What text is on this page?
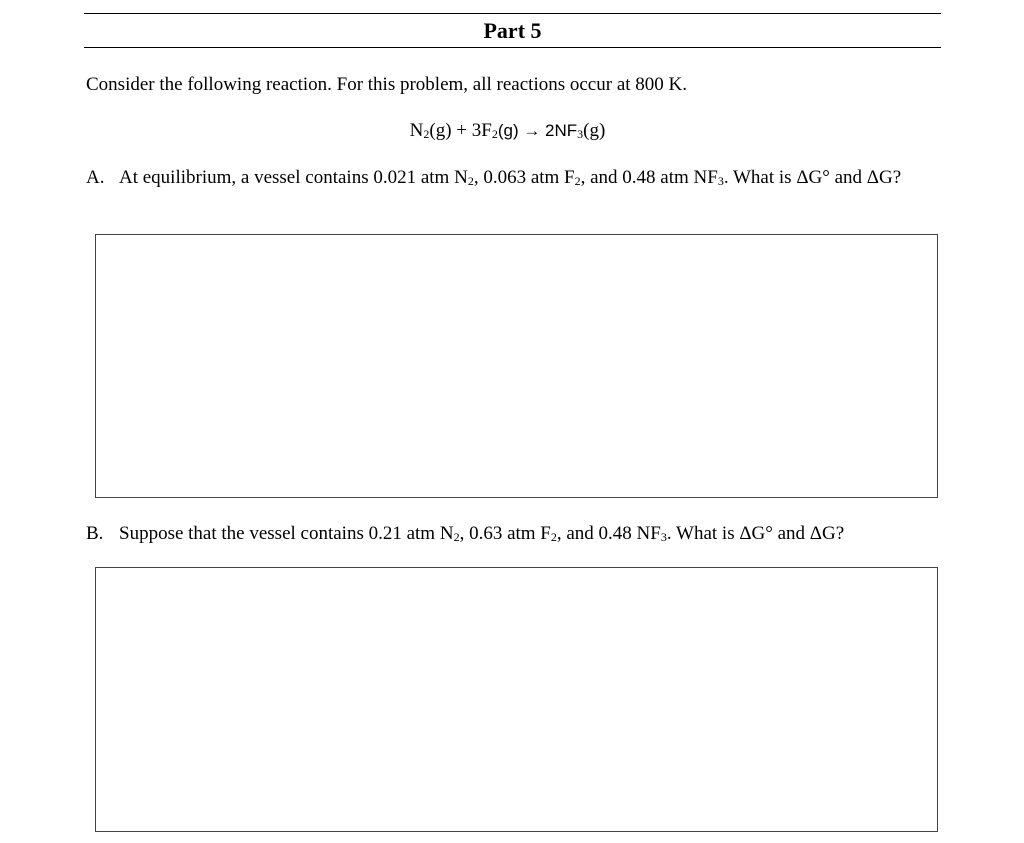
Part 5
Consider the following reaction. For this problem, all reactions occur at 800 K.
$N_2(g) + 3F_2(g) \to 2NF_3(g)$
A. At equilibrium, a vessel contains 0.021 atm $N_2$, 0.063 atm $F_2$, and 0.48 atm $NF_3$. What is ΔG° and ΔG?
B. Suppose that the vessel contains 0.21 atm $N_2$, 0.63 atm $F_2$, and 0.48 $NF_3$. What is ΔG° and ΔG?
